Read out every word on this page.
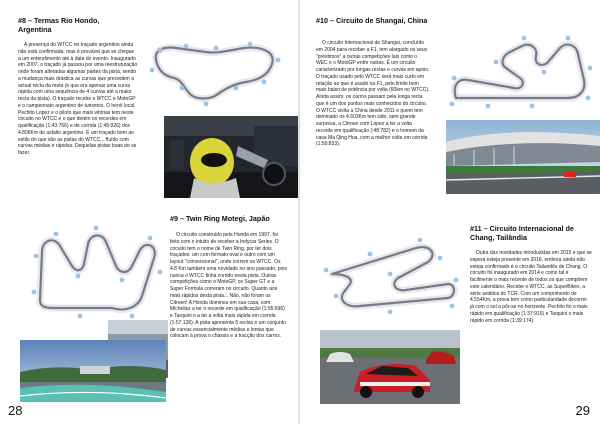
#8 – Termas Rio Hondo, Argentina

A presença do WTCC no traçado argentino ainda não está confirmada, mas é provável que se chegue a um entendimento até à data do evento. Inaugurado em 2007, o traçado já passou por uma reestruturação onde foram alteradas algumas partes da pista, sendo a mudança mais drástica as curvas que precedem a actual recta da meta (e que era apenas uma curva rápida com uma sequência de 4 curvas até a maior recta da pista). O traçado recebe o WTCC e MotoGP e o campeonato argentino de turismos. O herói local, Pechito Lopez e o piloto que mais vitórias tem neste circuito no WTCC e o que detém os recordes em qualificação (1:43:766) e de corrida (1:45:926) dos 4.806Km de asfalto argentino. É um traçado bem ao estilo do que são as pistas do WTCC... fluído com curvas médias e rápidas. Dequelas pistas boas de se fazer.

#9 – Twin Ring Motegi, Japão

O circuito construído pela Honda em 1997, foi feito com o intuito de receber a Indycar Series. O circuito tem o nome de Twin Ring, por ter dois traçados: um com formato oval e outro com um layout "convencional", onde correm os WTCC. Os 4.8 Km também uma novidade no ano passado, pois nunca o WTCC tinha corrido nesta pista. Outras competições como o MotoGP, os Super GT e a Super Formula correram no circuito. Quanto aos mais rápidos desta pista... Não, não foram os Citroen! A Honda dominou em sua casa, com Michelisz a ter o recorde em qualificação (1:55:596) e Tarquini e a ter a volta mais rápida em corrida (1:57:136). A pista apresenta 5 rectas e um conjunto de curvas essencialmente médias e lentas que colocam à prova o chassis e a tracção dos carros.

28
#10 – Circuito de Shangai, China

O circuito Internacional de Shangai, concluído em 2004 para receber a F1, tem alargado os seus "préstimos" a outras competições tais como o WEC e o MotoGP entre outras. É um circuito caracterizado por longas rectas e curvas em apoio. O traçado usado pelo WTCC será mais curto em relação ao que é usado na F1, pelo limite bem mais baixo de potência por volta (60km no WTCC). Ainda assim, os carros passam pela longa recta que é um dos pontos mais conhecidos do circuito. O WTCC visita a China desde 2011 e quem tem dominado os 4.603Km tem sido, sem grande surpresa, a Citroen com Lopez a ter a volta recorde em qualificação (:48:782) e o homem da casa Ma Qing Hua, com a melhor volta em corrida (1:50:833).

#11 – Circuito Internacional de Chang, Tailândia

Outra das novidades introduzidas em 2015 e que se espera esteja presente em 2016, embora ainda não esteja confirmado é o circuito Tailandês de Chang. O circuito foi inaugurado em 2014 e como tal é facilmente o mais recente de todos os que compõem este calendário. Recebe o WTCC, as SuperBikes, a série asiática do TCR. Com um comprimento de 4.554Km, a prova tem como particularidade decorrer já com o sol a pôr-se no horizonte. Pechito foi o mais rápido em qualificação (1:37:916) e Tarquini o mais rápido em corrida (1:39:174).

29
